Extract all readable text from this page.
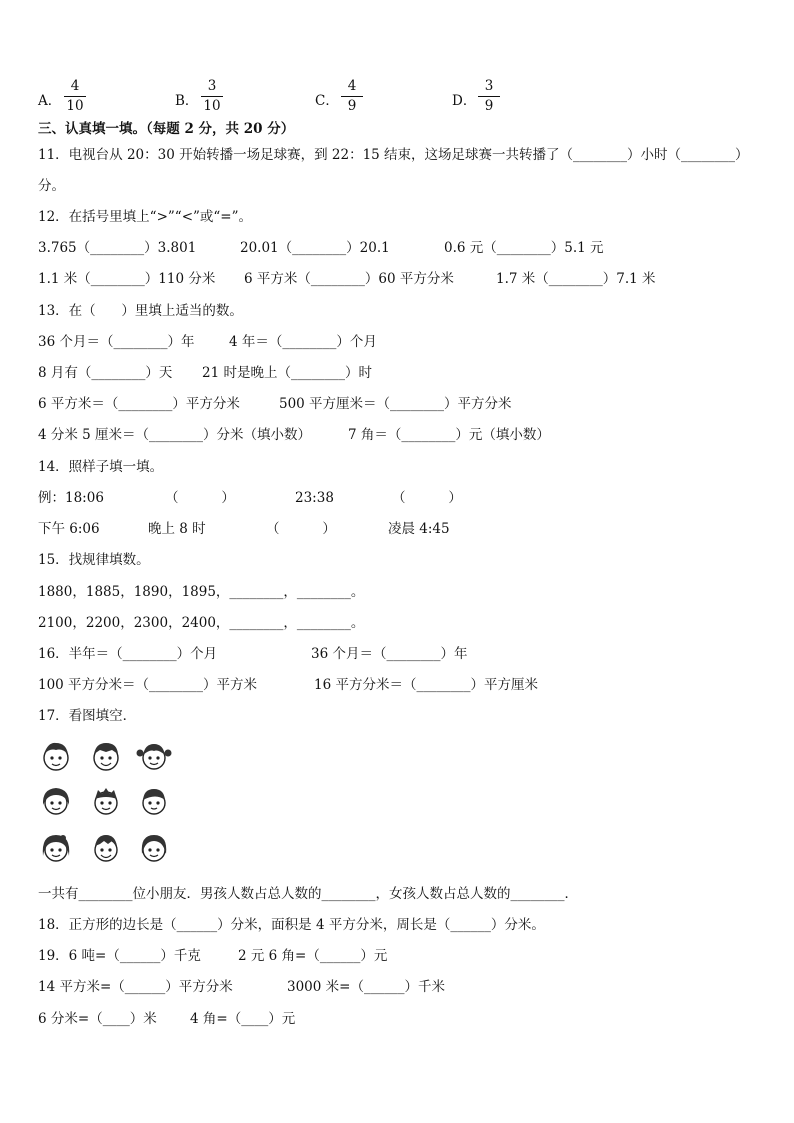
A．
4
10	B．
3
10	C．
4
9	D．
3
9
三、认真填一填。（每题 2 分，共 20 分）
11．电视台从 20：30 开始转播一场足球赛，到 22：15 结束，这场足球赛一共转播了（________）小时（________）
分。
12．在括号里填上“>”“<”或“=”。
3.765（________）3.801	20.01（________）20.1	0.6 元（________）5.1 元
1.1 米（________）110 分米 6 平方米（________）60 平方分米	1.7 米（________）7.1 米
13．在（      ）里填上适当的数。
36 个月＝（________）年	4 年＝（________）个月
8 月有（________）天 21 时是晚上（________）时
6 平方米＝（________）平方分米	500 平方厘米＝（________）平方分米
4 分米 5 厘米＝（________）分米（填小数）	7 角＝（________）元（填小数）
14．照样子填一填。
例：18:06	（          ）	23:38	（          ）
下午 6:06	晚上 8 时	（          ）	凌晨 4:45
15．找规律填数。
1880，1885，1890，1895，________，________。
2100，2200，2300，2400，________，________。
16．半年＝（________）个月	36 个月＝（________）年
100 平方分米＝（________）平方米	16 平方分米＝（________）平方厘米
17．看图填空．
一共有________位小朋友．男孩人数占总人数的________，女孩人数占总人数的________．
18．正方形的边长是（______）分米，面积是 4 平方分米，周长是（______）分米。
19．6 吨=（______）千克	2 元 6 角=（______）元
14 平方米=（______）平方分米	3000 米=（______）千米
6 分米=（____）米 4 角=（____）元
